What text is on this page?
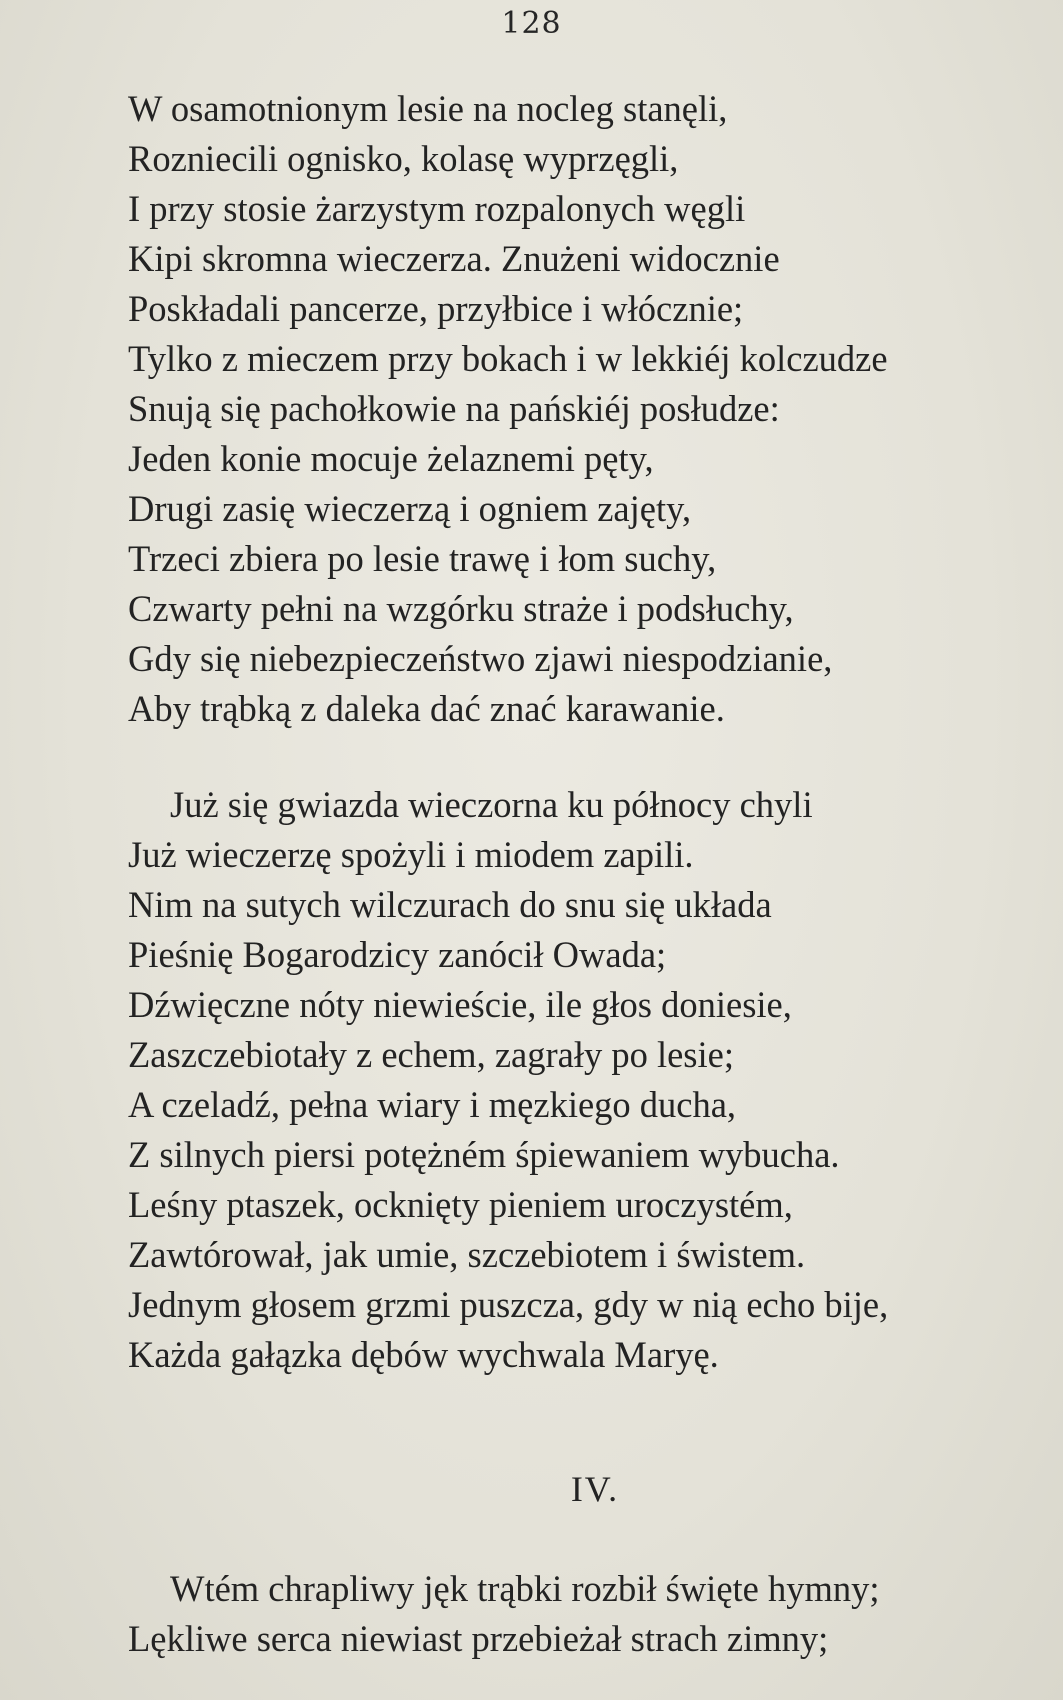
128
W osamotnionym lesie na nocleg stanęli,
Rozniecili ognisko, kolasę wyprzęgli,
I przy stosie żarzystym rozpalonych węgli
Kipi skromna wieczerza. Znużeni widocznie
Poskładali pancerze, przyłbice i włócznie;
Tylko z mieczem przy bokach i w lekkiéj kolczudze
Snują się pachołkowie na pańskiéj posłudze:
Jeden konie mocuje żelaznemi pęty,
Drugi zasię wieczerzą i ogniem zajęty,
Trzeci zbiera po lesie trawę i łom suchy,
Czwarty pełni na wzgórku straże i podsłuchy,
Gdy się niebezpieczeństwo zjawi niespodzianie,
Aby trąbką z daleka dać znać karawanie.
Już się gwiazda wieczorna ku północy chyli
Już wieczerzę spożyli i miodem zapili.
Nim na sutych wilczurach do snu się układa
Pieśnię Bogarodzicy zanócił Owada;
Dźwięczne nóty niewieście, ile głos doniesie,
Zaszczebiotały z echem, zagrały po lesie;
A czeladź, pełna wiary i męzkiego ducha,
Z silnych piersi potężném śpiewaniem wybucha.
Leśny ptaszek, ocknięty pieniem uroczystém,
Zawtórował, jak umie, szczebiotem i świstem.
Jednym głosem grzmi puszcza, gdy w nią echo bije,
Każda gałązka dębów wychwala Maryę.
IV.
Wtém chrapliwy jęk trąbki rozbił święte hymny;
Lękliwe serca niewiast przebieżał strach zimny;
